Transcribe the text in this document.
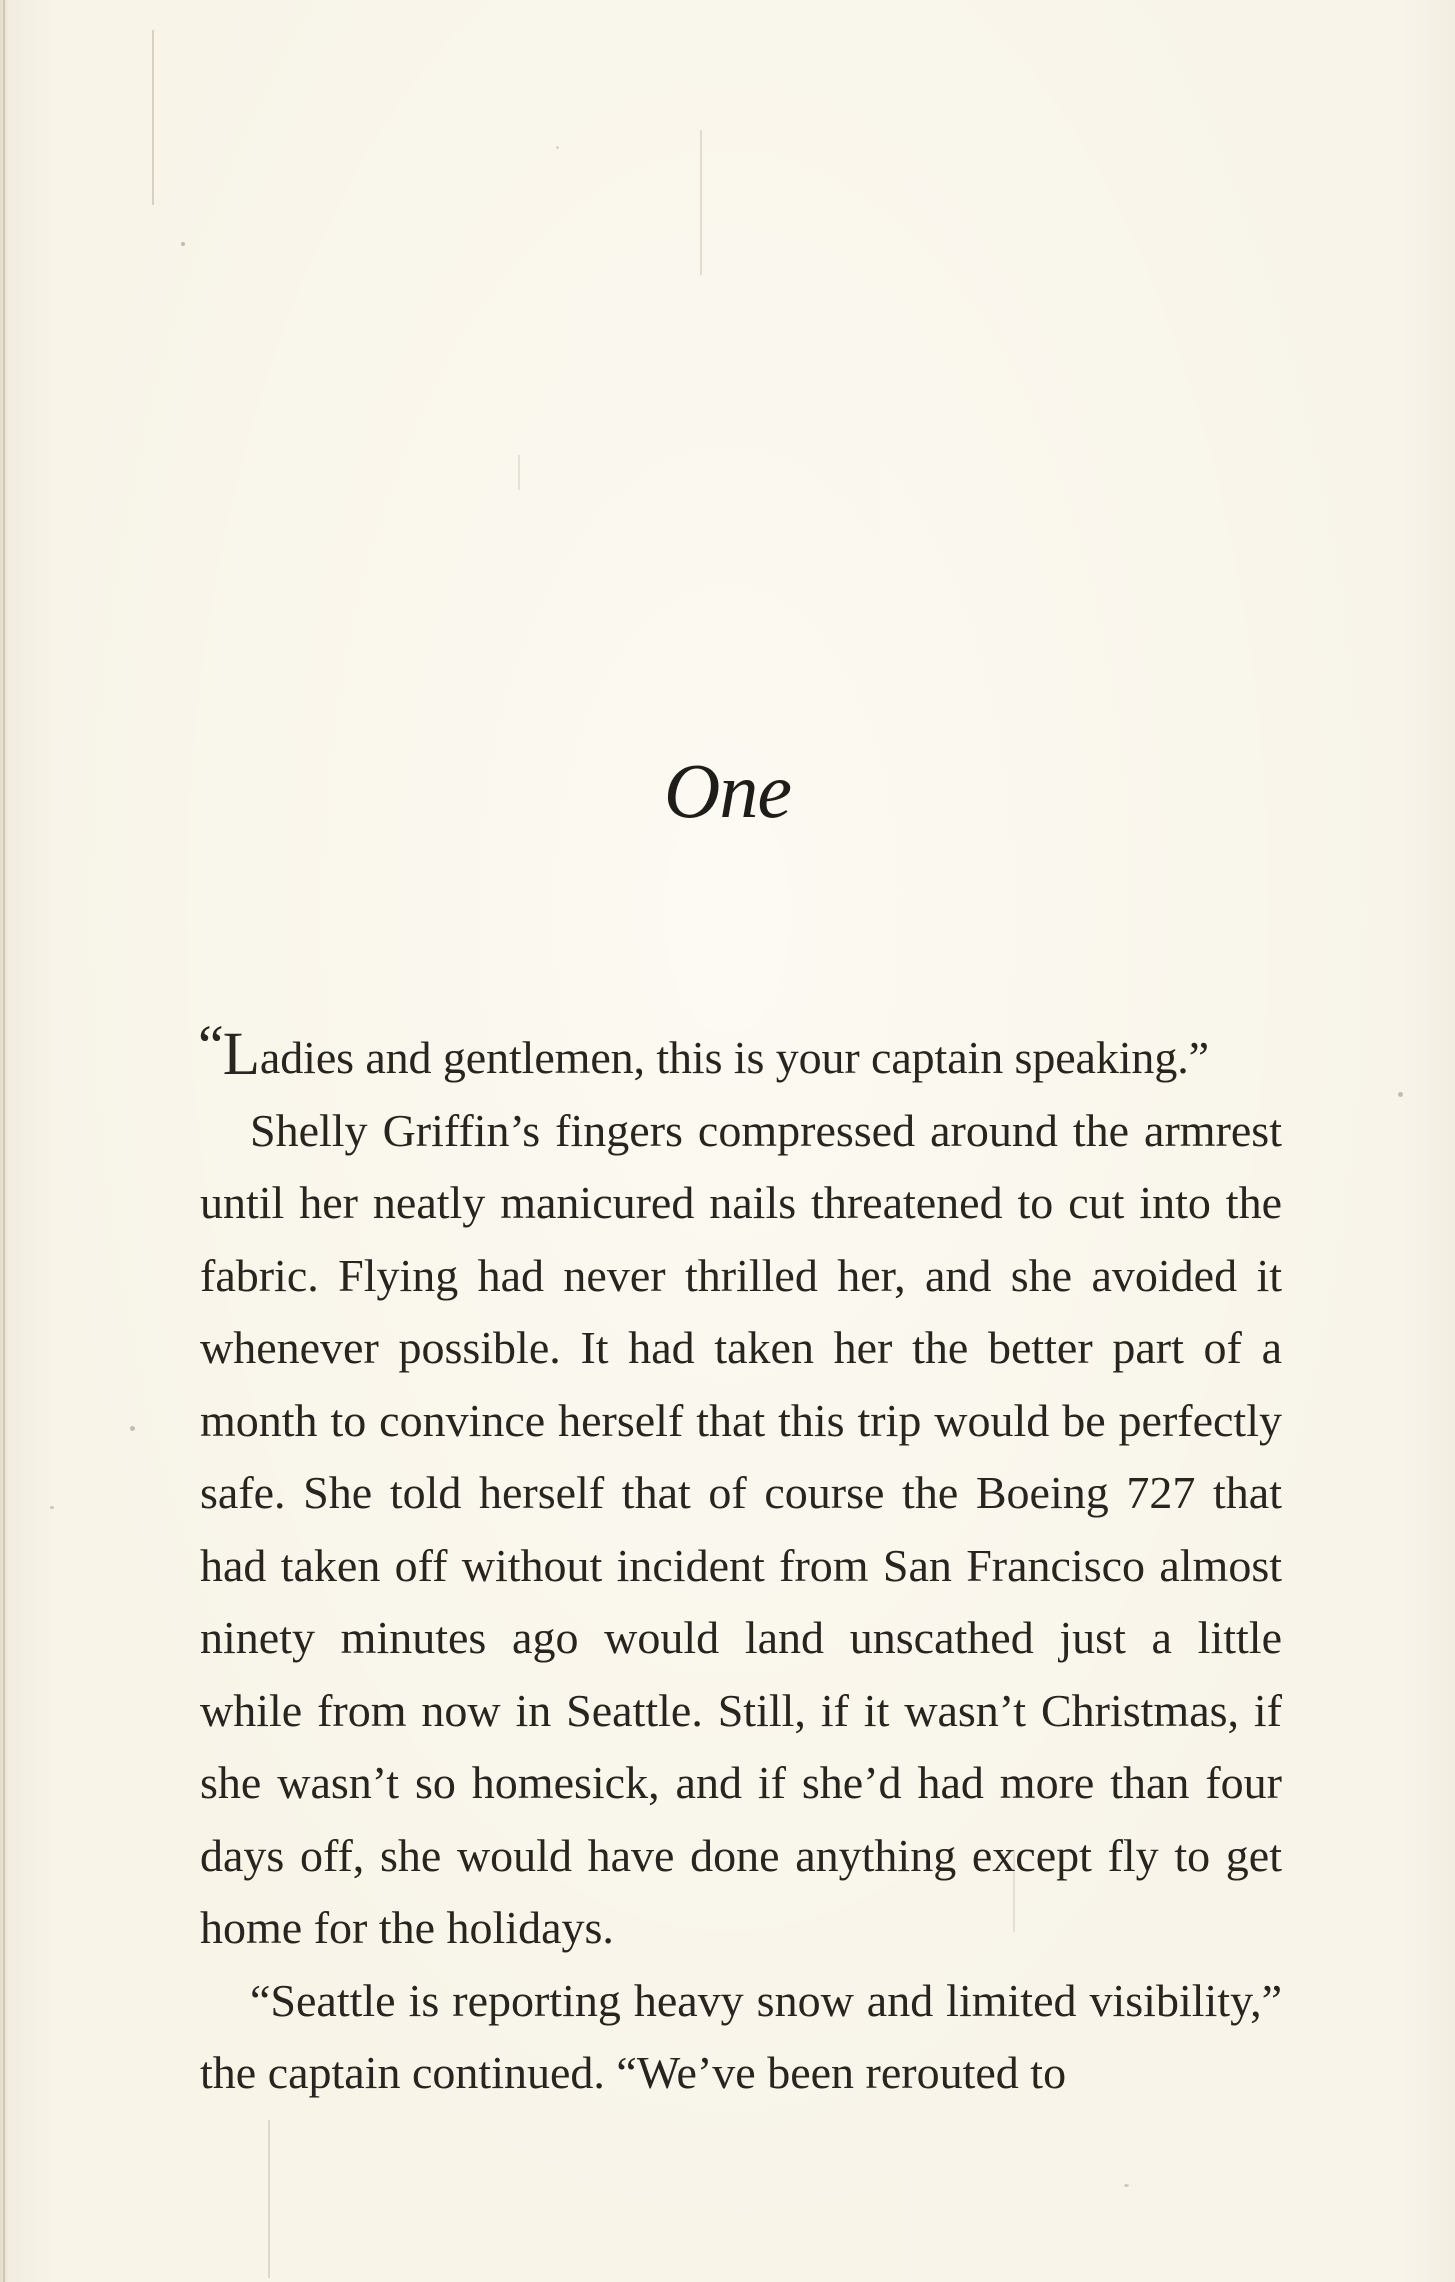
One

“Ladies and gentlemen, this is your captain speaking.”

Shelly Griffin’s fingers compressed around the armrest until her neatly manicured nails threatened to cut into the fabric. Flying had never thrilled her, and she avoided it whenever possible. It had taken her the better part of a month to convince herself that this trip would be perfectly safe. She told herself that of course the Boeing 727 that had taken off without incident from San Francisco almost ninety minutes ago would land unscathed just a little while from now in Seattle. Still, if it wasn’t Christmas, if she wasn’t so homesick, and if she’d had more than four days off, she would have done anything except fly to get home for the holidays.

“Seattle is reporting heavy snow and limited visibility,” the captain continued. “We’ve been rerouted to
